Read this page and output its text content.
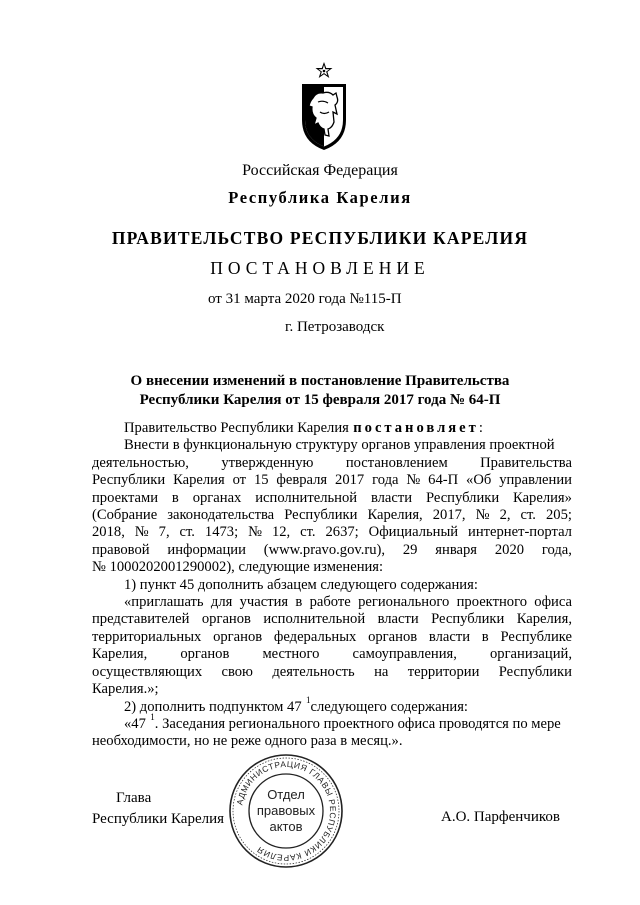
Российская Федерация
Республика Карелия
ПРАВИТЕЛЬСТВО РЕСПУБЛИКИ КАРЕЛИЯ
ПОСТАНОВЛЕНИЕ
от 31 марта 2020 года №115-П
г. Петрозаводск
О внесении изменений в постановление Правительства
Республики Карелия от 15 февраля 2017 года № 64-П
Правительство Республики Карелия постановляет :
Внести в функциональную структуру органов управления проектной
деятельностью, утвержденную постановлением Правительства
Республики Карелия от 15 февраля 2017 года № 64-П «Об управлении
проектами в органах исполнительной власти Республики Карелия»
(Собрание законодательства Республики Карелия, 2017, № 2, ст. 205;
2018, № 7, ст. 1473; № 12, ст. 2637; Официальный интернет-портал
правовой информации (www.pravo.gov.ru), 29 января 2020 года,
№ 1000202001290002), следующие изменения:
1) пункт 45 дополнить абзацем следующего содержания:
«приглашать для участия в работе регионального проектного офиса
представителей органов исполнительной власти Республики Карелия,
территориальных органов федеральных органов власти в Республике
Карелия, органов местного самоуправления, организаций,
осуществляющих свою деятельность на территории Республики
Карелия.»;
2) дополнить подпунктом 47 $^1$следующего содержания:
«47 $^1$. Заседания регионального проектного офиса проводятся по мере
необходимости, но не реже одного раза в месяц.».
Глава
Республики Карелия	А.О. Парфенчиков
АДМИНИСТРАЦИЯ ГЛАВЫ РЕСПУБЛИКИ КАРЕЛИЯ
Отдел
правовых
актов
